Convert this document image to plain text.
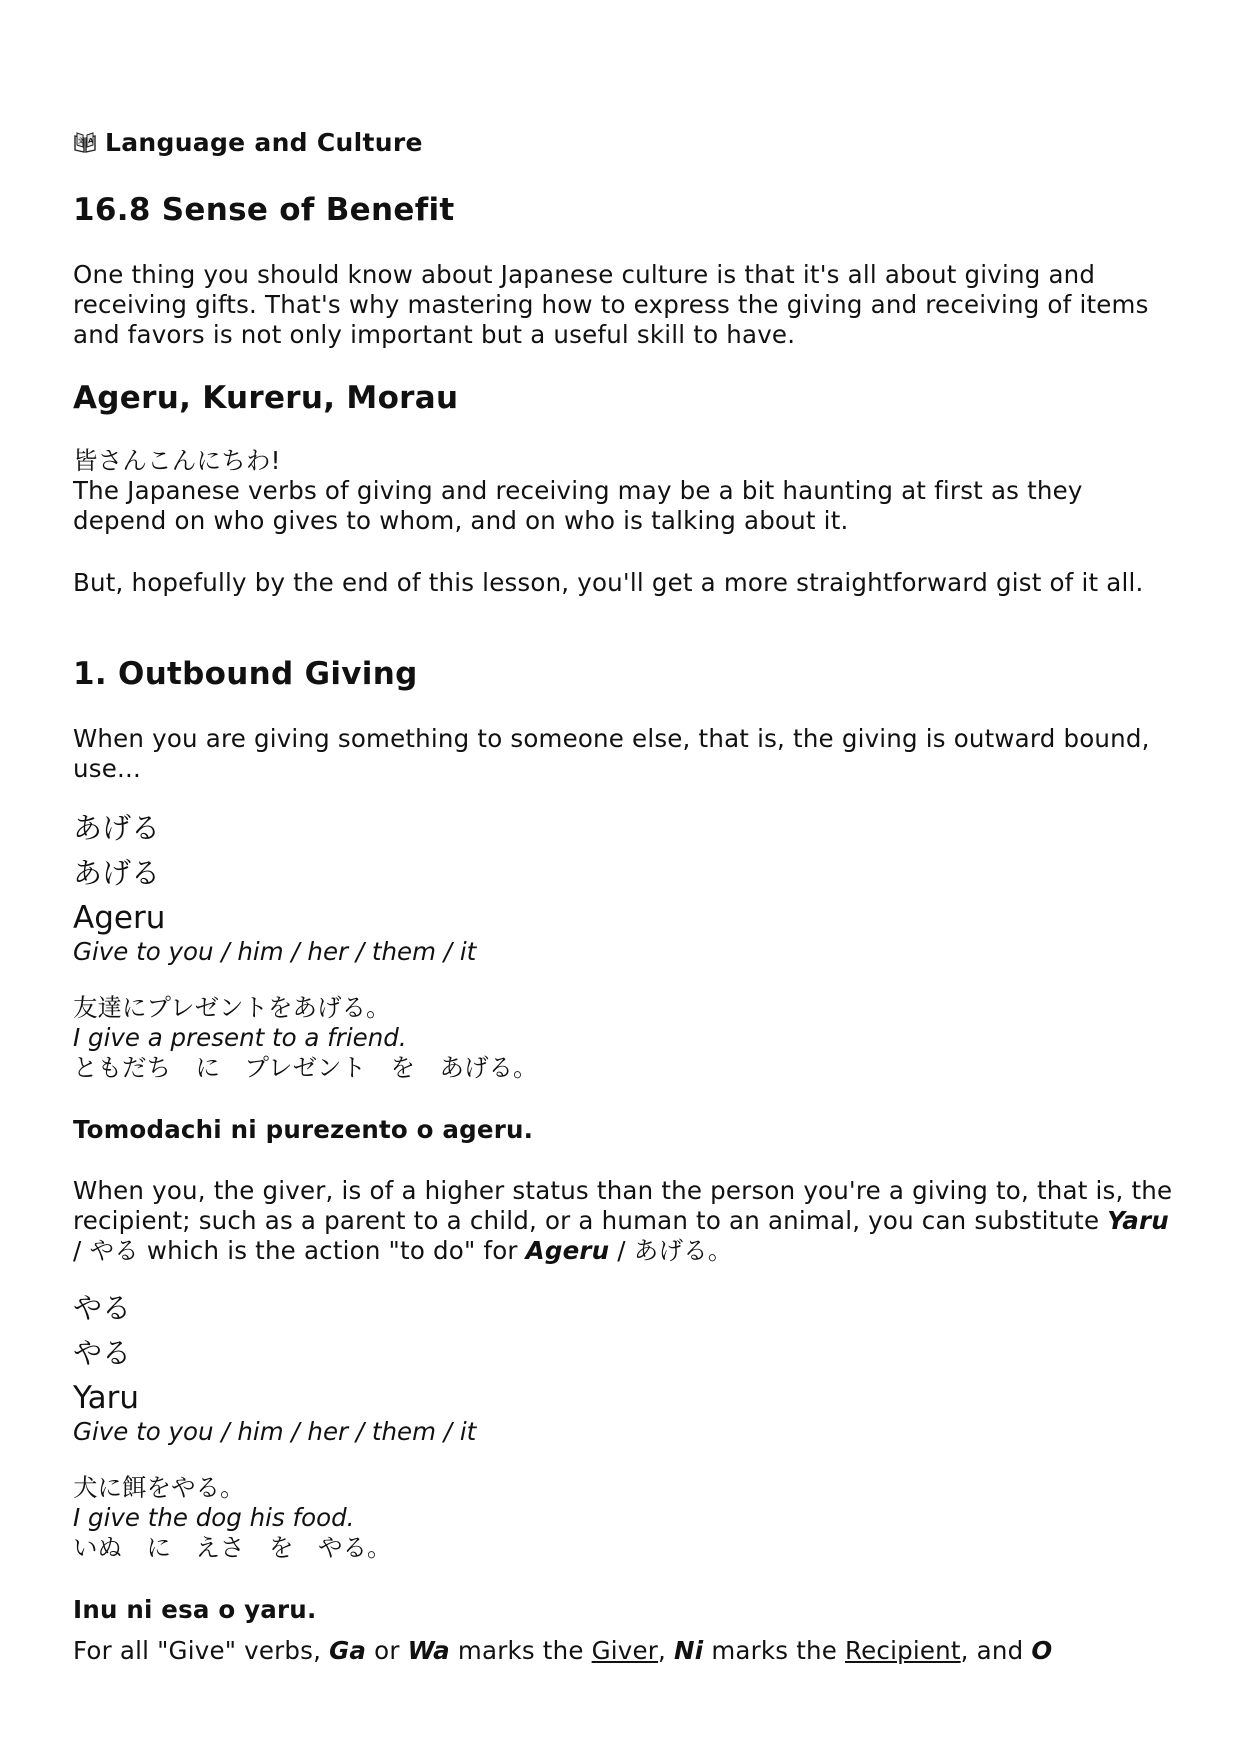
A
文 Language and Culture
16.8 Sense of Benefit

One thing you should know about Japanese culture is that it's all about giving and receiving gifts. That's why mastering how to express the giving and receiving of items and favors is not only important but a useful skill to have.

Ageru, Kureru, Morau

皆さんこんにちわ!

The Japanese verbs of giving and receiving may be a bit haunting at first as they depend on who gives to whom, and on who is talking about it.

But, hopefully by the end of this lesson, you'll get a more straightforward gist of it all.

1. Outbound Giving

When you are giving something to someone else, that is, the giving is outward bound, use...

あげる
あげる
Ageru
Give to you / him / her / them / it
友達にプレゼントをあげる。
I give a present to a friend.
ともだち　に　プレゼント　を　あげる。
Tomodachi ni purezento o ageru.

When you, the giver, is of a higher status than the person you're a giving to, that is, the recipient; such as a parent to a child, or a human to an animal, you can substitute Yaru / やる which is the action "to do" for Ageru / あげる。

やる
やる
Yaru
Give to you / him / her / them / it
犬に餌をやる。
I give the dog his food.
いぬ　に　えさ　を　やる。
Inu ni esa o yaru.

For all "Give" verbs, Ga or Wa marks the Giver, Ni marks the Recipient, and O
